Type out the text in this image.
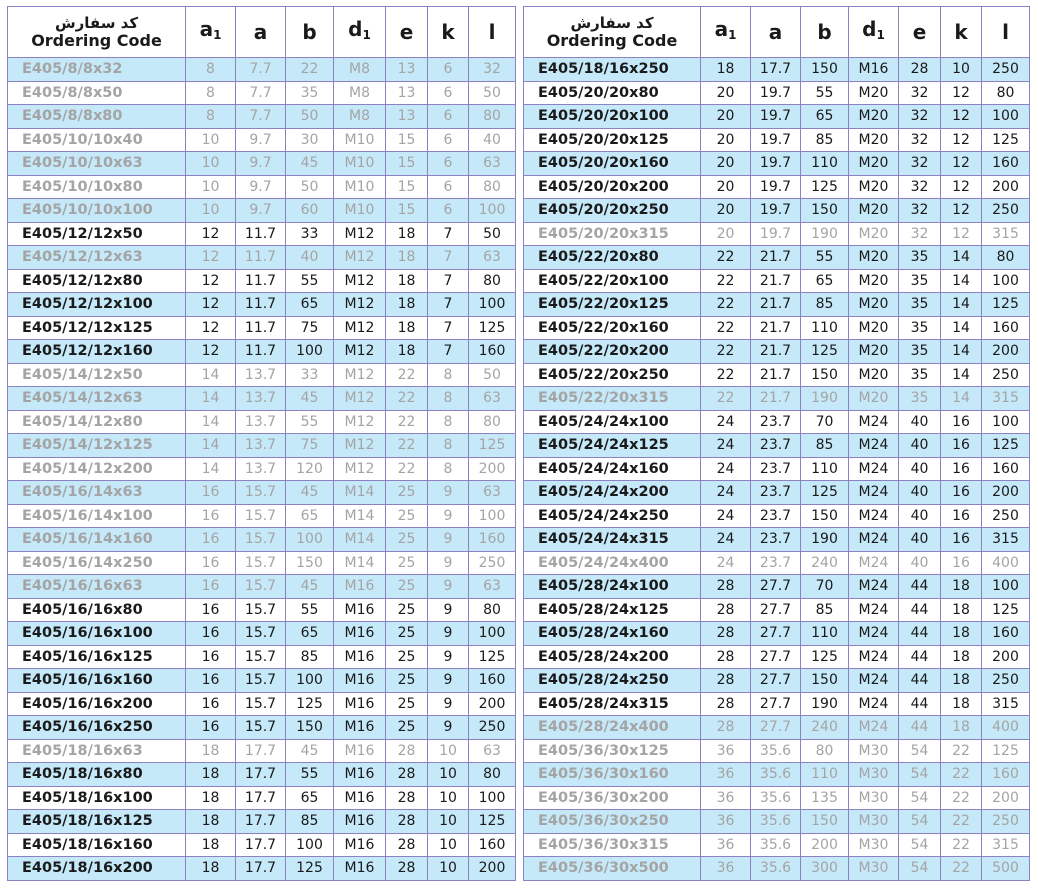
کد سفارش
Ordering Code	$a_1$	a	b	$d_1$	e	k	l
E405/8/8x32	8	7.7	22	M8	13	6	32
E405/8/8x50	8	7.7	35	M8	13	6	50
E405/8/8x80	8	7.7	50	M8	13	6	80
E405/10/10x40	10	9.7	30	M10	15	6	40
E405/10/10x63	10	9.7	45	M10	15	6	63
E405/10/10x80	10	9.7	50	M10	15	6	80
E405/10/10x100	10	9.7	60	M10	15	6	100
E405/12/12x50	12	11.7	33	M12	18	7	50
E405/12/12x63	12	11.7	40	M12	18	7	63
E405/12/12x80	12	11.7	55	M12	18	7	80
E405/12/12x100	12	11.7	65	M12	18	7	100
E405/12/12x125	12	11.7	75	M12	18	7	125
E405/12/12x160	12	11.7	100	M12	18	7	160
E405/14/12x50	14	13.7	33	M12	22	8	50
E405/14/12x63	14	13.7	45	M12	22	8	63
E405/14/12x80	14	13.7	55	M12	22	8	80
E405/14/12x125	14	13.7	75	M12	22	8	125
E405/14/12x200	14	13.7	120	M12	22	8	200
E405/16/14x63	16	15.7	45	M14	25	9	63
E405/16/14x100	16	15.7	65	M14	25	9	100
E405/16/14x160	16	15.7	100	M14	25	9	160
E405/16/14x250	16	15.7	150	M14	25	9	250
E405/16/16x63	16	15.7	45	M16	25	9	63
E405/16/16x80	16	15.7	55	M16	25	9	80
E405/16/16x100	16	15.7	65	M16	25	9	100
E405/16/16x125	16	15.7	85	M16	25	9	125
E405/16/16x160	16	15.7	100	M16	25	9	160
E405/16/16x200	16	15.7	125	M16	25	9	200
E405/16/16x250	16	15.7	150	M16	25	9	250
E405/18/16x63	18	17.7	45	M16	28	10	63
E405/18/16x80	18	17.7	55	M16	28	10	80
E405/18/16x100	18	17.7	65	M16	28	10	100
E405/18/16x125	18	17.7	85	M16	28	10	125
E405/18/16x160	18	17.7	100	M16	28	10	160
E405/18/16x200	18	17.7	125	M16	28	10	200
کد سفارش
Ordering Code	$a_1$	a	b	$d_1$	e	k	l
E405/18/16x250	18	17.7	150	M16	28	10	250
E405/20/20x80	20	19.7	55	M20	32	12	80
E405/20/20x100	20	19.7	65	M20	32	12	100
E405/20/20x125	20	19.7	85	M20	32	12	125
E405/20/20x160	20	19.7	110	M20	32	12	160
E405/20/20x200	20	19.7	125	M20	32	12	200
E405/20/20x250	20	19.7	150	M20	32	12	250
E405/20/20x315	20	19.7	190	M20	32	12	315
E405/22/20x80	22	21.7	55	M20	35	14	80
E405/22/20x100	22	21.7	65	M20	35	14	100
E405/22/20x125	22	21.7	85	M20	35	14	125
E405/22/20x160	22	21.7	110	M20	35	14	160
E405/22/20x200	22	21.7	125	M20	35	14	200
E405/22/20x250	22	21.7	150	M20	35	14	250
E405/22/20x315	22	21.7	190	M20	35	14	315
E405/24/24x100	24	23.7	70	M24	40	16	100
E405/24/24x125	24	23.7	85	M24	40	16	125
E405/24/24x160	24	23.7	110	M24	40	16	160
E405/24/24x200	24	23.7	125	M24	40	16	200
E405/24/24x250	24	23.7	150	M24	40	16	250
E405/24/24x315	24	23.7	190	M24	40	16	315
E405/24/24x400	24	23.7	240	M24	40	16	400
E405/28/24x100	28	27.7	70	M24	44	18	100
E405/28/24x125	28	27.7	85	M24	44	18	125
E405/28/24x160	28	27.7	110	M24	44	18	160
E405/28/24x200	28	27.7	125	M24	44	18	200
E405/28/24x250	28	27.7	150	M24	44	18	250
E405/28/24x315	28	27.7	190	M24	44	18	315
E405/28/24x400	28	27.7	240	M24	44	18	400
E405/36/30x125	36	35.6	80	M30	54	22	125
E405/36/30x160	36	35.6	110	M30	54	22	160
E405/36/30x200	36	35.6	135	M30	54	22	200
E405/36/30x250	36	35.6	150	M30	54	22	250
E405/36/30x315	36	35.6	200	M30	54	22	315
E405/36/30x500	36	35.6	300	M30	54	22	500
